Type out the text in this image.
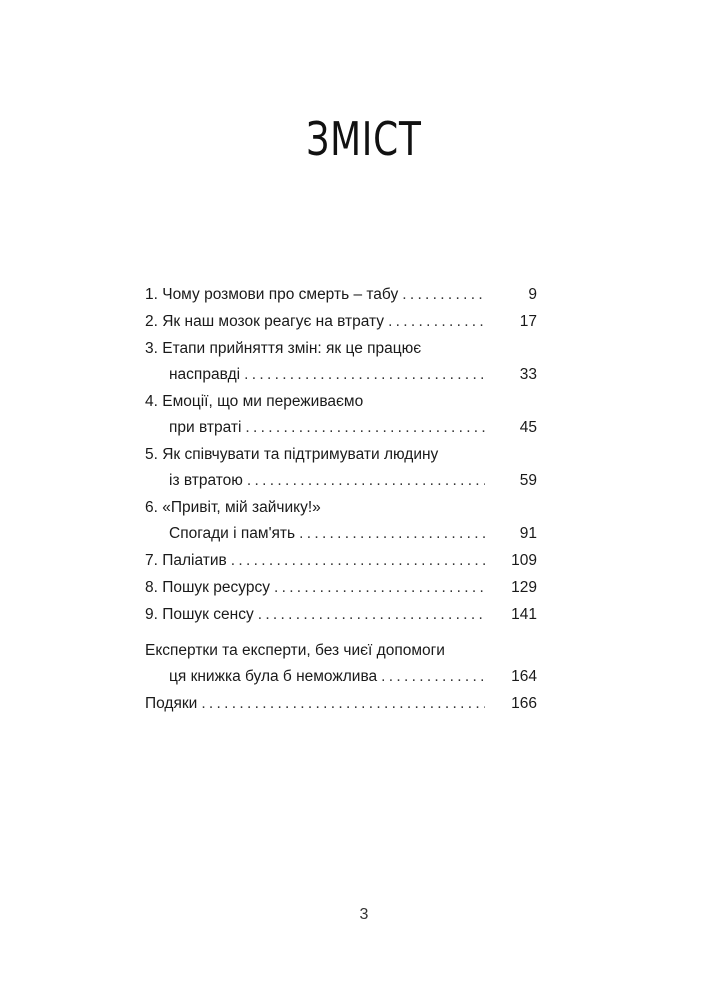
ЗМІСТ
1. Чому розмови про смерть – табу . . .	9
2. Як наш мозок реагує на втрату . . .	17
3. Етапи прийняття змін: як це працює
насправді . . .	33
4. Емоції, що ми переживаємо
при втраті . . .	45
5. Як співчувати та підтримувати людину
із втратою . . .	59
6. «Привіт, мій зайчику!»
Спогади і пам'ять . . .	91
7. Паліатив . . .	109
8. Пошук ресурсу . . .	129
9. Пошук сенсу . . .	141
Експертки та експерти, без чиєї допомоги
ця книжка була б неможлива . . .	164
Подяки . . .	166
3
